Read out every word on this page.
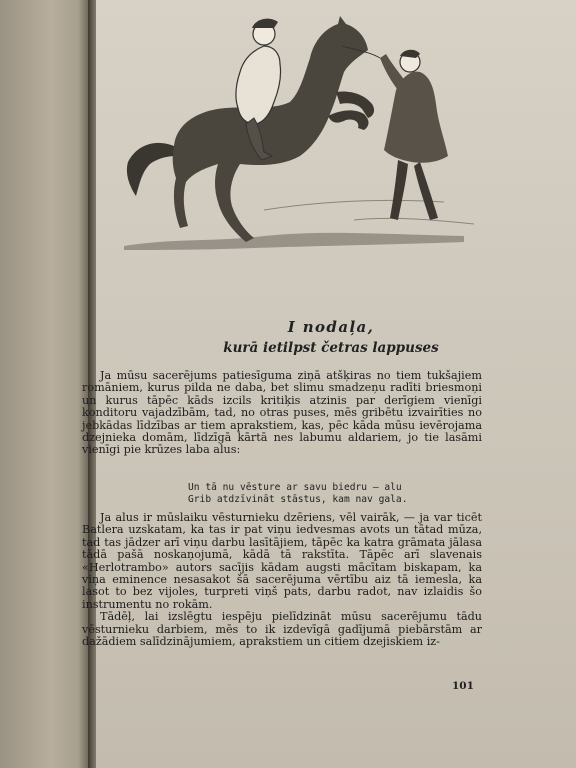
I nodaļa,
kurā ietilpst četras lappuses

Ja mūsu sacerējums patiesīguma ziņā atšķiras no tiem tukšajiem romāniem, kurus pilda ne daba, bet slimu smadzeņu radīti briesmoņi un kurus tāpēc kāds izcils kritiķis atzinis par derīgiem vienīgi konditoru vajadzībām, tad, no otras puses, mēs gribētu izvairīties no jebkādas līdzības ar tiem aprakstiem, kas, pēc kāda mūsu ievērojama dzejnieka domām, līdzīgā kārtā nes labumu aldariem, jo tie lasāmi vienīgi pie krūzes laba alus:

Un tā nu vēsture ar savu biedru — alu
Grib atdzīvināt stāstus, kam nav gala.

Ja alus ir mūslaiku vēsturnieku dzēriens, vēl vairāk, — ja var ticēt Batlera uzskatam, ka tas ir pat viņu iedvesmas avots un tātad mūza, tad tas jādzer arī viņu darbu lasītājiem, tāpēc ka katra grāmata jālasa tādā pašā noskaņojumā, kādā tā rakstīta. Tāpēc arī slavenais «Herlotrambo» autors sacījis kādam augsti mācītam biskapam, ka viņa eminence nesasakot šā sacerējuma vērtību aiz tā iemesla, ka lasot to bez vijoles, turpreti viņš pats, darbu radot, nav izlaidis šo instrumentu no rokām.

Tādēļ, lai izslēgtu iespēju pielīdzināt mūsu sacerējumu tādu vēsturnieku darbiem, mēs to ik izdevīgā gadījumā piebārstām ar dažādiem salīdzinājumiem, aprakstiem un citiem dzejiskiem iz-

101
